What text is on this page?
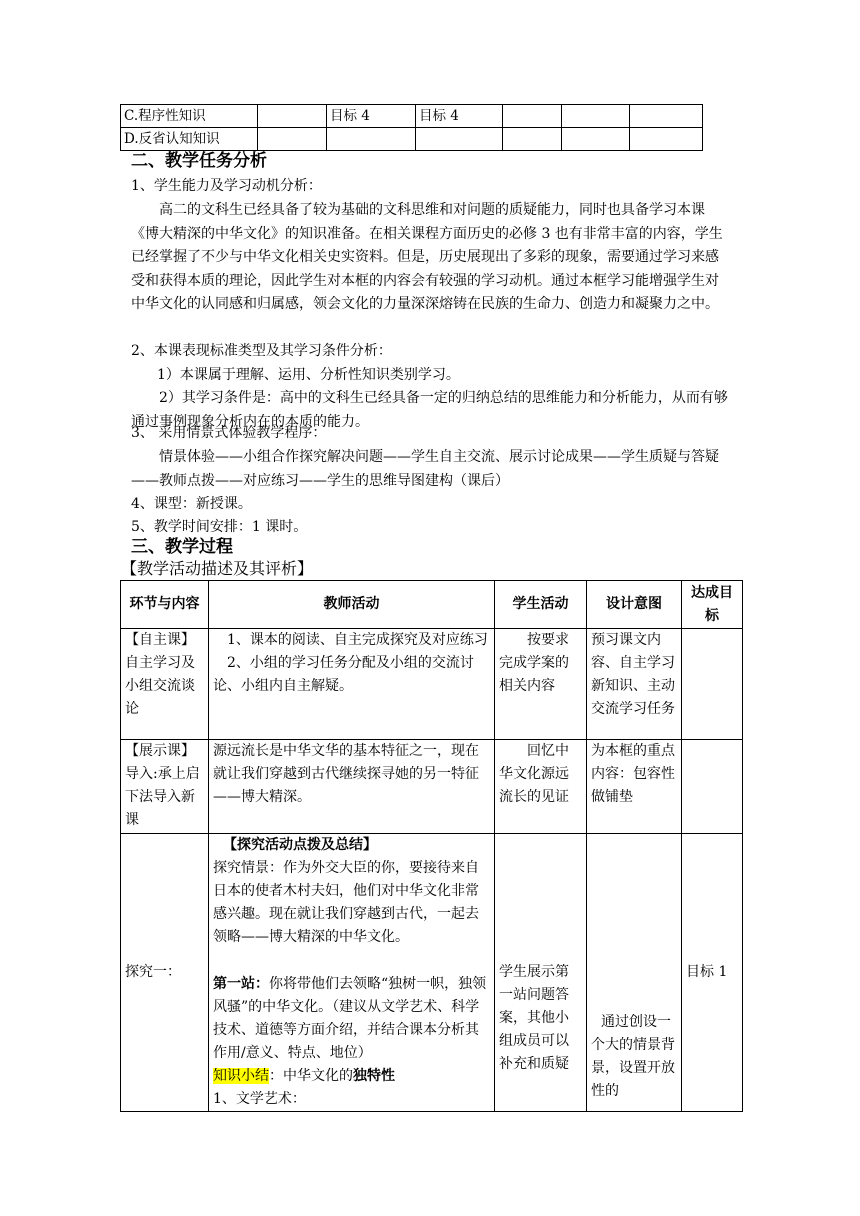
C.程序性知识		目标 4	目标 4			
D.反省认知知识						
二、教学任务分析
1、学生能力及学习动机分析：
高二的文科生已经具备了较为基础的文科思维和对问题的质疑能力，同时也具备学习本课《博大精深的中华文化》的知识准备。在相关课程方面历史的必修 3 也有非常丰富的内容，学生已经掌握了不少与中华文化相关史实资料。但是，历史展现出了多彩的现象，需要通过学习来感受和获得本质的理论，因此学生对本框的内容会有较强的学习动机。通过本框学习能增强学生对中华文化的认同感和归属感，领会文化的力量深深熔铸在民族的生命力、创造力和凝聚力之中。
2、本课表现标准类型及其学习条件分析：
1）本课属于理解、运用、分析性知识类别学习。
2）其学习条件是：高中的文科生已经具备一定的归纳总结的思维能力和分析能力，从而有够通过事例现象分析内在的本质的能力。
3、 采用情景式体验教学程序：
情景体验——小组合作探究解决问题——学生自主交流、展示讨论成果——学生质疑与答疑——教师点拨——对应练习——学生的思维导图建构（课后）
4、课型：新授课。
5、教学时间安排：1 课时。
三、教学过程
【教学活动描述及其评析】
环节与内容	教师活动	学生活动	设计意图	达成目标
【自主课】自主学习及小组交流谈论	1、课本的阅读、自主完成探究及对应练习
2、小组的学习任务分配及小组的交流讨论、小组内自主解疑。	按要求完成学案的相关内容	预习课文内容、自主学习新知识、主动交流学习任务	
【展示课】导入:承上启下法导入新课	源远流长是中华文华的基本特征之一，现在就让我们穿越到古代继续探寻她的另一特征——博大精深。	回忆中华文化源远流长的见证	为本框的重点内容：包容性做铺垫	
探究一：	【探究活动点拨及总结】
探究情景：作为外交大臣的你，要接待来自日本的使者木村夫妇，他们对中华文化非常感兴趣。现在就让我们穿越到古代，一起去领略——博大精深的中华文化。
第一站：你将带他们去领略“独树一帜，独领风骚”的中华文化。（建议从文学艺术、科学技术、道德等方面介绍，并结合课本分析其作用/意义、特点、地位）
知识小结：中华文化的独特性
1、文学艺术：	学生展示第一站问题答案，其他小组成员可以补充和质疑	通过创设一个大的情景背景，设置开放性的	目标 1
